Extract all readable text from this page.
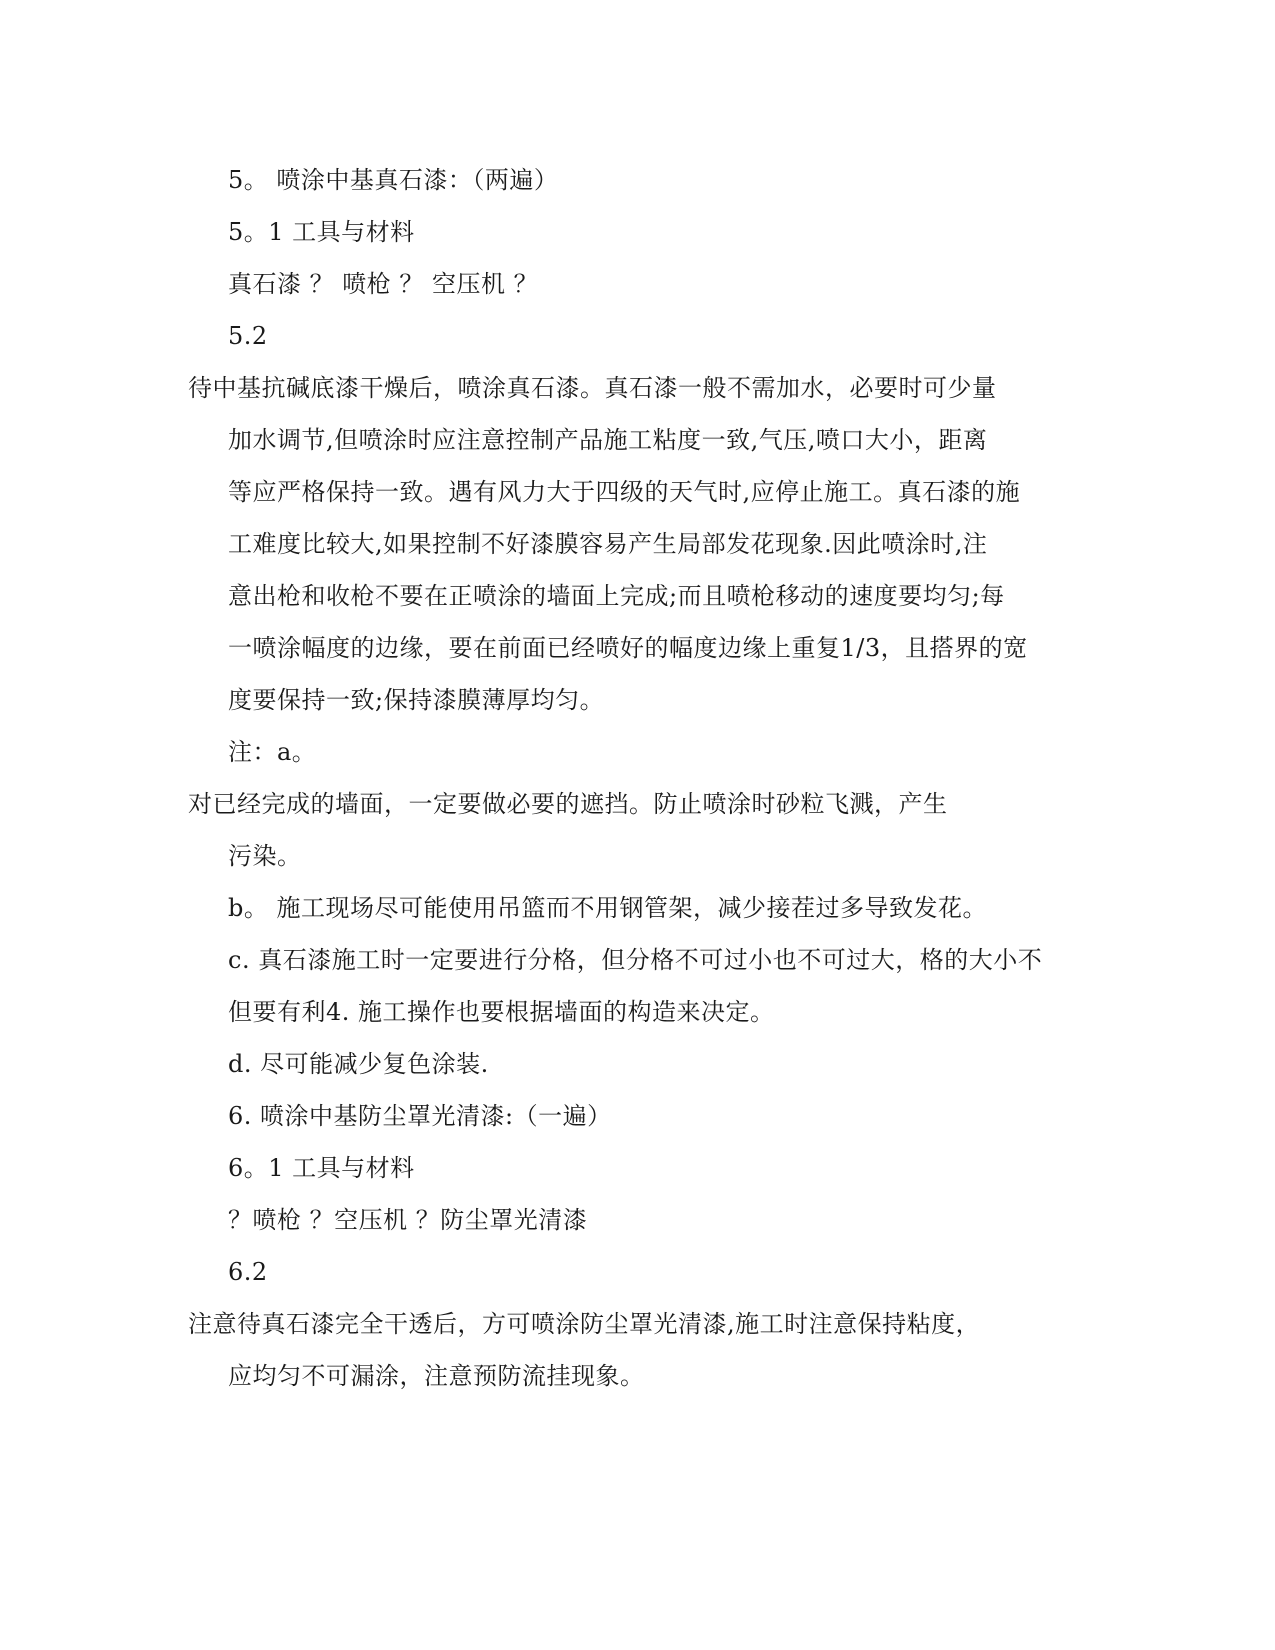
5。 喷涂中基真石漆：（两遍）
5。1 工具与材料
真石漆 ？ 喷枪 ？ 空压机 ？
5.2
待中基抗碱底漆干燥后，喷涂真石漆。真石漆一般不需加水，必要时可少量
加水调节,但喷涂时应注意控制产品施工粘度一致,气压,喷口大小，距离
等应严格保持一致。遇有风力大于四级的天气时,应停止施工。真石漆的施
工难度比较大,如果控制不好漆膜容易产生局部发花现象.因此喷涂时,注
意出枪和收枪不要在正喷涂的墙面上完成;而且喷枪移动的速度要均匀;每
一喷涂幅度的边缘，要在前面已经喷好的幅度边缘上重复1/3，且搭界的宽
度要保持一致;保持漆膜薄厚均匀。
注：a。
对已经完成的墙面，一定要做必要的遮挡。防止喷涂时砂粒飞溅，产生
污染。
b。 施工现场尽可能使用吊篮而不用钢管架，减少接茬过多导致发花。
c. 真石漆施工时一定要进行分格，但分格不可过小也不可过大，格的大小不
但要有利4. 施工操作也要根据墙面的构造来决定。
d. 尽可能减少复色涂装.
6. 喷涂中基防尘罩光清漆:（一遍）
6。1 工具与材料
？喷枪 ？空压机 ？防尘罩光清漆
6.2
注意待真石漆完全干透后，方可喷涂防尘罩光清漆,施工时注意保持粘度，
应均匀不可漏涂，注意预防流挂现象。
